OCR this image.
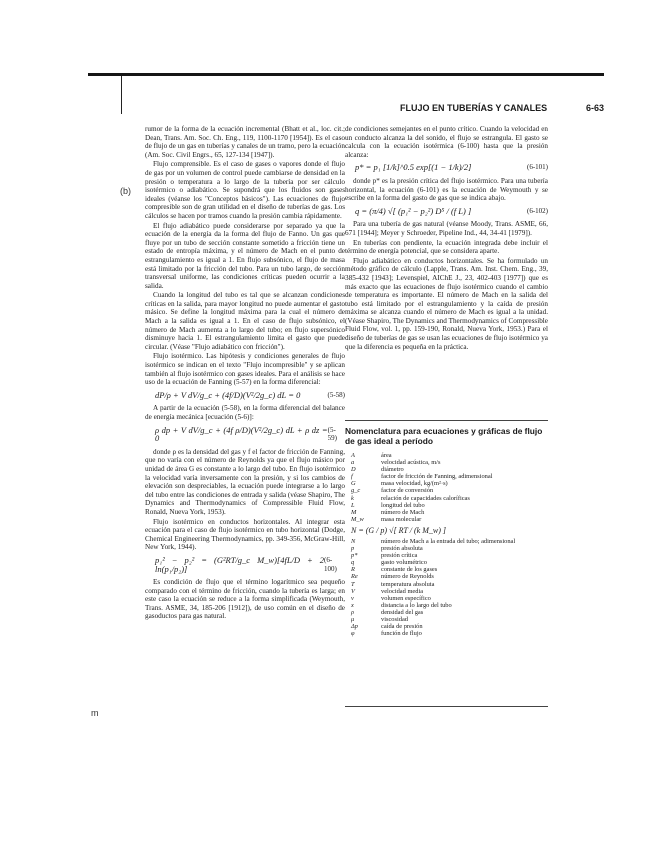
FLUJO EN TUBERÍAS Y CANALES	6-63
(b)
m

rumor de la forma de la ecuación incremental (Bhatt et al., loc. cit.; Dean, Trans. Am. Soc. Ch. Eng., 119, 1100-1170 [1954]). Es el caso de flujo de un gas en tuberías y canales de un tramo, pero la ecuación (Am. Soc. Civil Engrs., 65, 127-134 [1947]).

Flujo comprensible. Es el caso de gases o vapores donde el flujo de gas por un volumen de control puede cambiarse de densidad en la presión o temperatura a lo largo de la tubería por ser cálculo isotérmico o adiabático. Se supondrá que los fluidos son gases ideales (véanse los "Conceptos básicos"). Las ecuaciones de flujo compresible son de gran utilidad en el diseño de tuberías de gas. Los cálculos se hacen por tramos cuando la presión cambia rápidamente.

El flujo adiabático puede considerarse por separado ya que la ecuación de la energía da la forma del flujo de Fanno. Un gas que fluye por un tubo de sección constante sometido a fricción tiene un estado de entropía máxima, y el número de Mach en el punto de estrangulamiento es igual a 1. En flujo subsónico, el flujo de masa está limitado por la fricción del tubo. Para un tubo largo, de sección transversal uniforme, las condiciones críticas pueden ocurrir a la salida.

Cuando la longitud del tubo es tal que se alcanzan condiciones críticas en la salida, para mayor longitud no puede aumentar el gasto másico. Se define la longitud máxima para la cual el número de Mach a la salida es igual a 1. En el caso de flujo subsónico, el número de Mach aumenta a lo largo del tubo; en flujo supersónico disminuye hacia 1. El estrangulamiento limita el gasto que puede circular. (Véase "Flujo adiabático con fricción").

Flujo isotérmico. Las hipótesis y condiciones generales de flujo isotérmico se indican en el texto "Flujo incompresible" y se aplican también al flujo isotérmico con gases ideales. Para el análisis se hace uso de la ecuación de Fanning (5-57) en la forma diferencial:

dP/ρ + V dV/g_c + (4f/D)(V²/2g_c) dL = 0	(5-58)

A partir de la ecuación (5-58), en la forma diferencial del balance de energía mecánica [ecuación (5-6)]:

ρ dp + V dV/g_c + (4f ρ/D)(V²/2g_c) dL + ρ dz = 0
(5-59)

donde ρ es la densidad del gas y f el factor de fricción de Fanning, que no varía con el número de Reynolds ya que el flujo másico por unidad de área G es constante a lo largo del tubo. En flujo isotérmico la velocidad varía inversamente con la presión, y si los cambios de elevación son despreciables, la ecuación puede integrarse a lo largo del tubo entre las condiciones de entrada y salida (véase Shapiro, The Dynamics and Thermodynamics of Compressible Fluid Flow, Ronald, Nueva York, 1953).

Flujo isotérmico en conductos horizontales. Al integrar esta ecuación para el caso de flujo isotérmico en tubo horizontal (Dodge, Chemical Engineering Thermodynamics, pp. 349-356, McGraw-Hill, New York, 1944).

p₁² − p₂² = (G²RT/g_c M_w)[4fL/D + 2 ln(p₁/p₂)]
(6-100)

Es condición de flujo que el término logarítmico sea pequeño comparado con el término de fricción, cuando la tubería es larga; en este caso la ecuación se reduce a la forma simplificada (Weymouth, Trans. ASME, 34, 185-206 [1912]), de uso común en el diseño de gasoductos para gas natural.

de condiciones semejantes en el punto crítico. Cuando la velocidad en un conducto alcanza la del sonido, el flujo se estrangula. El gasto se calcula con la ecuación isotérmica (6-100) hasta que la presión alcanza:

p* = p₁ [1/k]^0.5 exp[(1 − 1/k)/2]	(6-101)

donde p* es la presión crítica del flujo isotérmico. Para una tubería horizontal, la ecuación (6-101) es la ecuación de Weymouth y se escribe en la forma del gasto de gas que se indica abajo.

q = (π/4) √[ (p₁² − p₂²) D⁵ / (f L) ]	(6-102)

Para una tubería de gas natural (véanse Moody, Trans. ASME, 66, 671 [1944]; Meyer y Schroeder, Pipeline Ind., 44, 34-41 [1979]).

En tuberías con pendiente, la ecuación integrada debe incluir el término de energía potencial, que se considera aparte.

Flujo adiabático en conductos horizontales. Se ha formulado un método gráfico de cálculo (Lapple, Trans. Am. Inst. Chem. Eng., 39, 385-432 [1943]; Levenspiel, AIChE J., 23, 402-403 [1977]) que es más exacto que las ecuaciones de flujo isotérmico cuando el cambio de temperatura es importante. El número de Mach en la salida del tubo está limitado por el estrangulamiento y la caída de presión máxima se alcanza cuando el número de Mach es igual a la unidad. (Véase Shapiro, The Dynamics and Thermodynamics of Compressible Fluid Flow, vol. 1, pp. 159-190, Ronald, Nueva York, 1953.) Para el diseño de tuberías de gas se usan las ecuaciones de flujo isotérmico ya que la diferencia es pequeña en la práctica.

Nomenclatura para ecuaciones y gráficas de flujo de gas ideal a período
A	área
a	velocidad acústica, m/s
D	diámetro
f	factor de fricción de Fanning, adimensional
G	masa velocidad, kg/(m²·s)
g_c	factor de conversión
k	relación de capacidades caloríficas
L	longitud del tubo
M	número de Mach
M_w	masa molecular
N = (G / p) √[ RT / (k M_w) ]
N	número de Mach a la entrada del tubo; adimensional
p	presión absoluta
p*	presión crítica
q	gasto volumétrico
R	constante de los gases
Re	número de Reynolds
T	temperatura absoluta
V	velocidad media
v	volumen específico
x	distancia a lo largo del tubo
ρ	densidad del gas
μ	viscosidad
Δp	caída de presión
φ	función de flujo
